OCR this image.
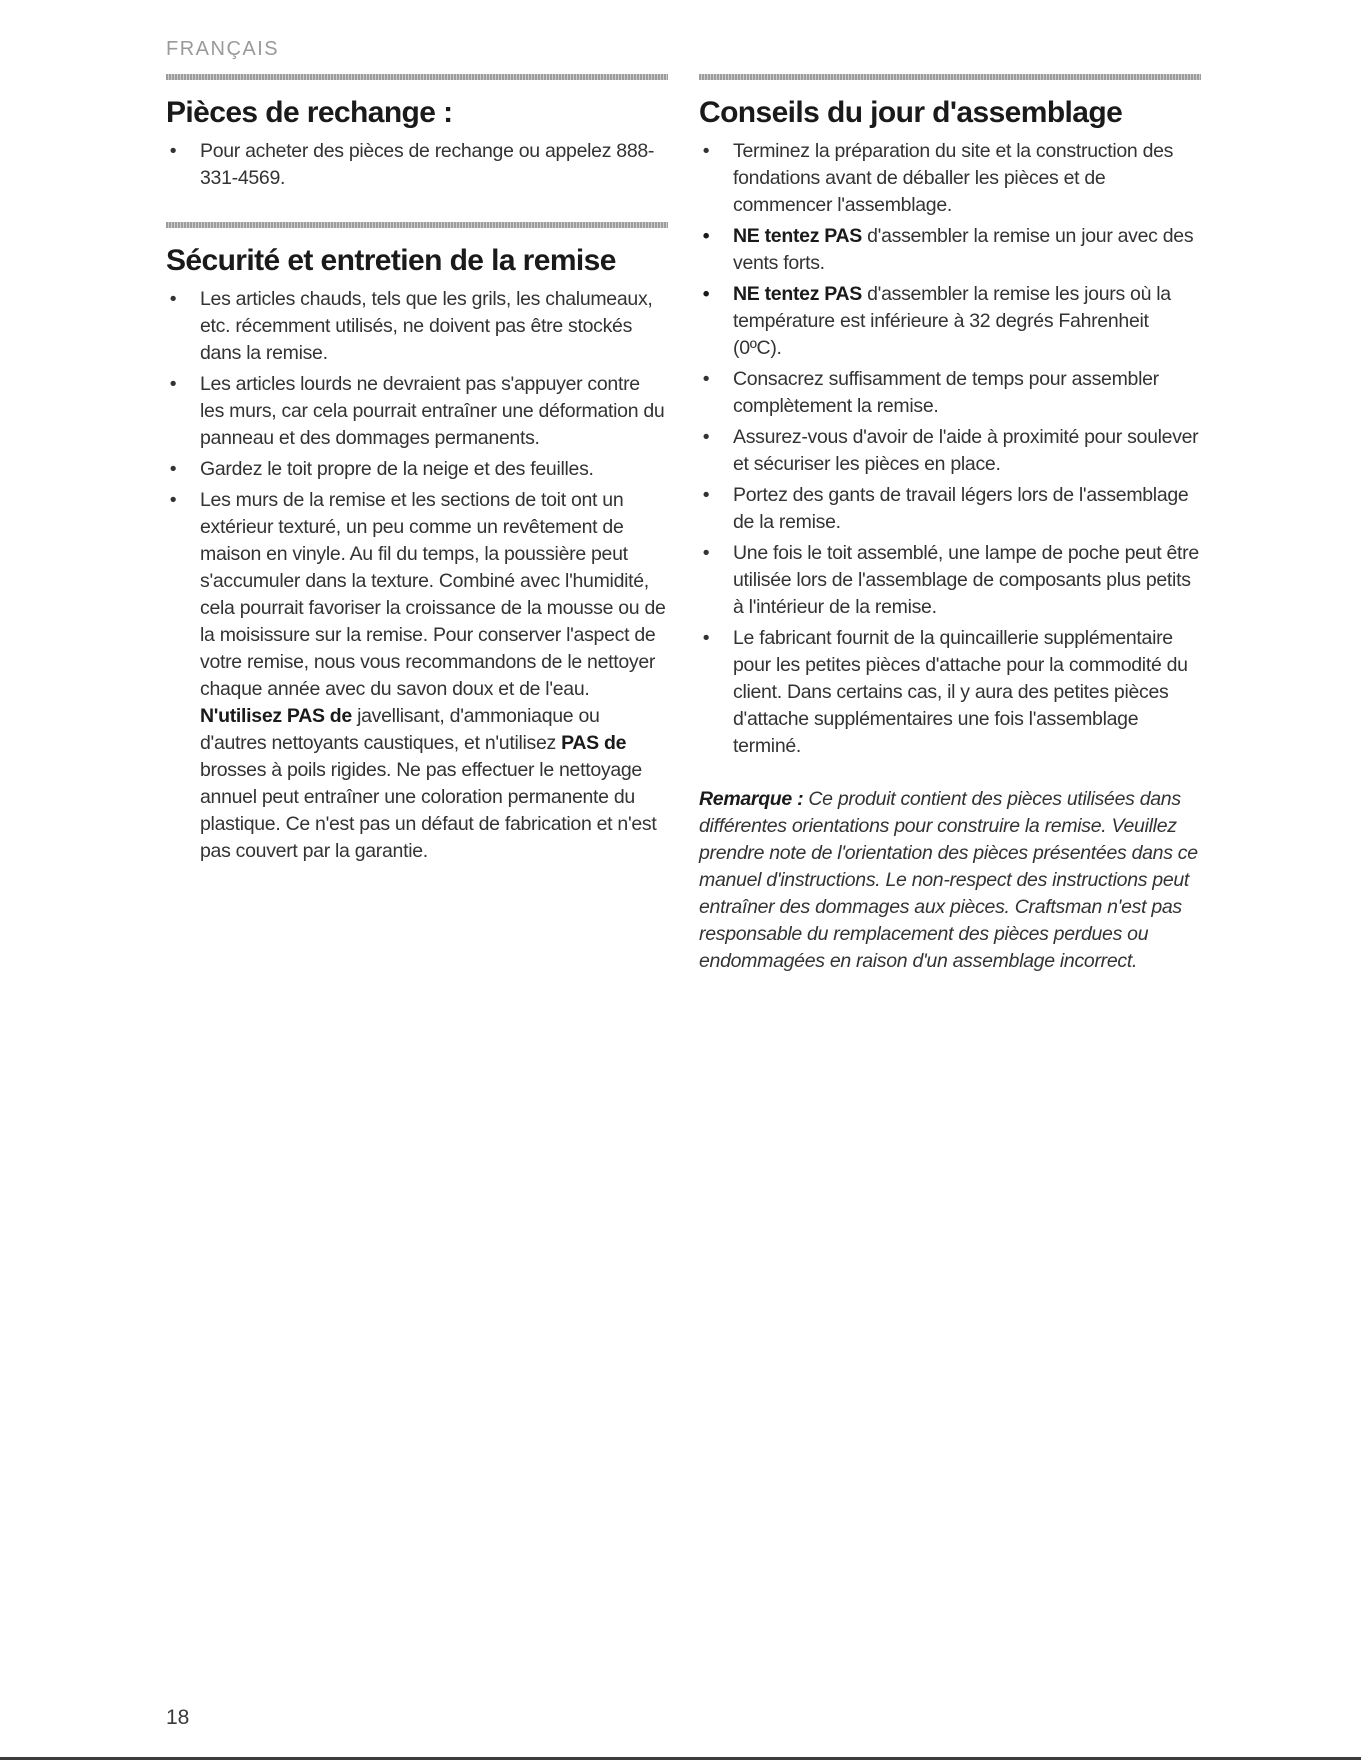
FRANÇAIS
Pièces de rechange :
• Pour acheter des pièces de rechange ou appelez 888-331-4569.
Sécurité et entretien de la remise
• Les articles chauds, tels que les grils, les chalumeaux, etc. récemment utilisés, ne doivent pas être stockés dans la remise.
• Les articles lourds ne devraient pas s'appuyer contre les murs, car cela pourrait entraîner une déformation du panneau et des dommages permanents.
• Gardez le toit propre de la neige et des feuilles.
• Les murs de la remise et les sections de toit ont un extérieur texturé, un peu comme un revêtement de maison en vinyle. Au fil du temps, la poussière peut s'accumuler dans la texture. Combiné avec l'humidité, cela pourrait favoriser la croissance de la mousse ou de la moisissure sur la remise. Pour conserver l'aspect de votre remise, nous vous recommandons de le nettoyer chaque année avec du savon doux et de l'eau. N'utilisez PAS de javellisant, d'ammoniaque ou d'autres nettoyants caustiques, et n'utilisez PAS de brosses à poils rigides. Ne pas effectuer le nettoyage annuel peut entraîner une coloration permanente du plastique. Ce n'est pas un défaut de fabrication et n'est pas couvert par la garantie.
Conseils du jour d'assemblage
• Terminez la préparation du site et la construction des fondations avant de déballer les pièces et de commencer l'assemblage.
• NE tentez PAS d'assembler la remise un jour avec des vents forts.
• NE tentez PAS d'assembler la remise les jours où la température est inférieure à 32 degrés Fahrenheit (0ºC).
• Consacrez suffisamment de temps pour assembler complètement la remise.
• Assurez-vous d'avoir de l'aide à proximité pour soulever et sécuriser les pièces en place.
• Portez des gants de travail légers lors de l'assemblage de la remise.
• Une fois le toit assemblé, une lampe de poche peut être utilisée lors de l'assemblage de composants plus petits à l'intérieur de la remise.
• Le fabricant fournit de la quincaillerie supplémentaire pour les petites pièces d'attache pour la commodité du client. Dans certains cas, il y aura des petites pièces d'attache supplémentaires une fois l'assemblage terminé.

Remarque : Ce produit contient des pièces utilisées dans différentes orientations pour construire la remise. Veuillez prendre note de l'orientation des pièces présentées dans ce manuel d'instructions. Le non-respect des instructions peut entraîner des dommages aux pièces. Craftsman n'est pas responsable du remplacement des pièces perdues ou endommagées en raison d'un assemblage incorrect.

18
